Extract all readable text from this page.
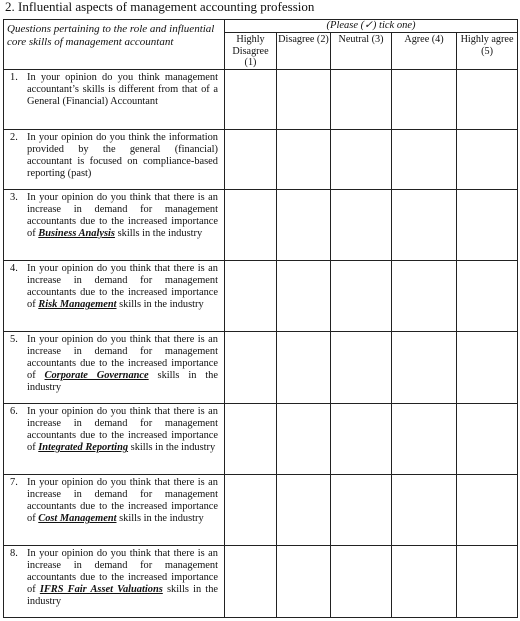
2. Influential aspects of management accounting profession
Questions pertaining to the role and influential core skills of management accountant	(Please (✓) tick one)				
	Highly Disagree (1)	Disagree (2)	Neutral (3)	Agree (4)	Highly agree (5)

1. In your opinion do you think management accountant’s skills is different from that of a General (Financial) Accountant					

2. In your opinion do you think the information provided by the general (financial) accountant is focused on compliance-based reporting (past)					

3. In your opinion do you think that there is an increase in demand for management accountants due to the increased importance of Business Analysis skills in the industry					

4. In your opinion do you think that there is an increase in demand for management accountants due to the increased importance of Risk Management skills in the industry					

5. In your opinion do you think that there is an increase in demand for management accountants due to the increased importance of Corporate Governance skills in the industry					

6. In your opinion do you think that there is an increase in demand for management accountants due to the increased importance of Integrated Reporting skills in the industry					

7. In your opinion do you think that there is an increase in demand for management accountants due to the increased importance of Cost Management skills in the industry					

8. In your opinion do you think that there is an increase in demand for management accountants due to the increased importance of IFRS Fair Asset Valuations skills in the industry					
